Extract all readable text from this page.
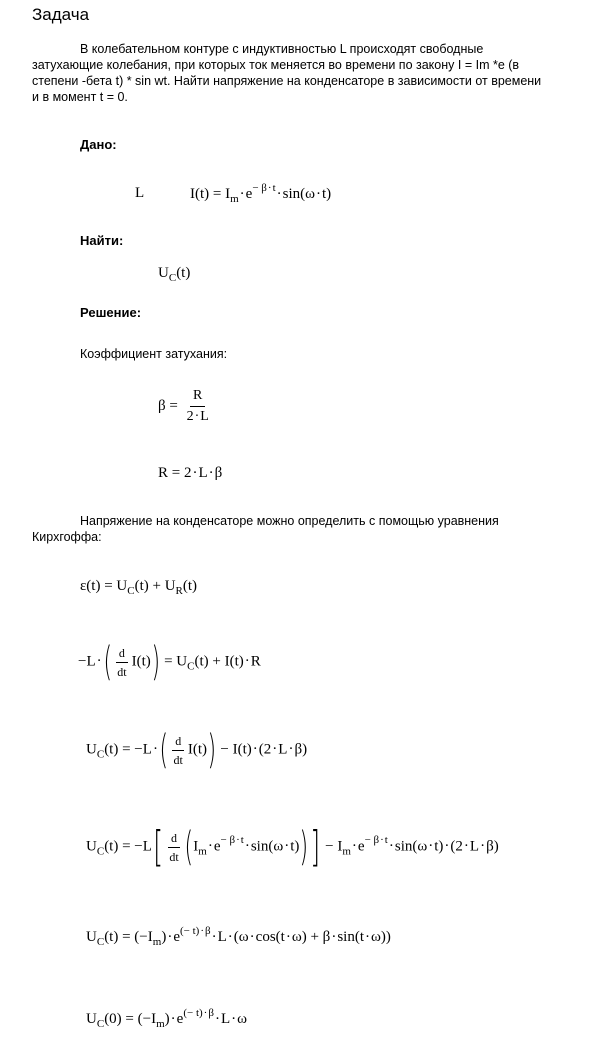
Задача
В колебательном контуре с индуктивностью L происходят свободные
затухающие колебания, при которых ток меняется во времени по закону I = Im *e (в
степени -бета t) * sin wt. Найти напряжение на конденсаторе в зависимости от времени
и в момент t = 0.
Дано:
L	$I(t) = I_m\cdot e^{- \beta\cdot t}\cdot\sin(\omega\cdot t)$
Найти:
$U_C(t)$
Решение:
Коэффициент затухания:
$\beta = \frac{R}{2\cdot L}$
R = 2·L·β
Напряжение на конденсаторе можно определить с помощью уравнения
Кирхгоффа:
$\varepsilon(t) = U_C(t) + U_R(t)$
$-L\cdot( \frac{d}{dt} I(t)) = U_C(t) + I(t)\cdot R$
$U_C(t) = -L\cdot( \frac{d}{dt} I(t)) - I(t)\cdot(2\cdot L\cdot\beta)$
$U_C(t) = -L[ \frac{d}{dt} (I_m\cdot e^{- \beta\cdot t}\cdot\sin(\omega\cdot t))] - I_m\cdot e^{- \beta\cdot t}\cdot\sin(\omega\cdot t)\cdot(2\cdot L\cdot\beta)$
$U_C(t) = (-I_m)\cdot e^{(- t)\cdot\beta}\cdot L\cdot(\omega\cdot\cos(t\cdot\omega) + \beta\cdot\sin(t\cdot\omega))$
$U_C(0) = (-I_m)\cdot e^{(- t)\cdot\beta}\cdot L\cdot\omega$
